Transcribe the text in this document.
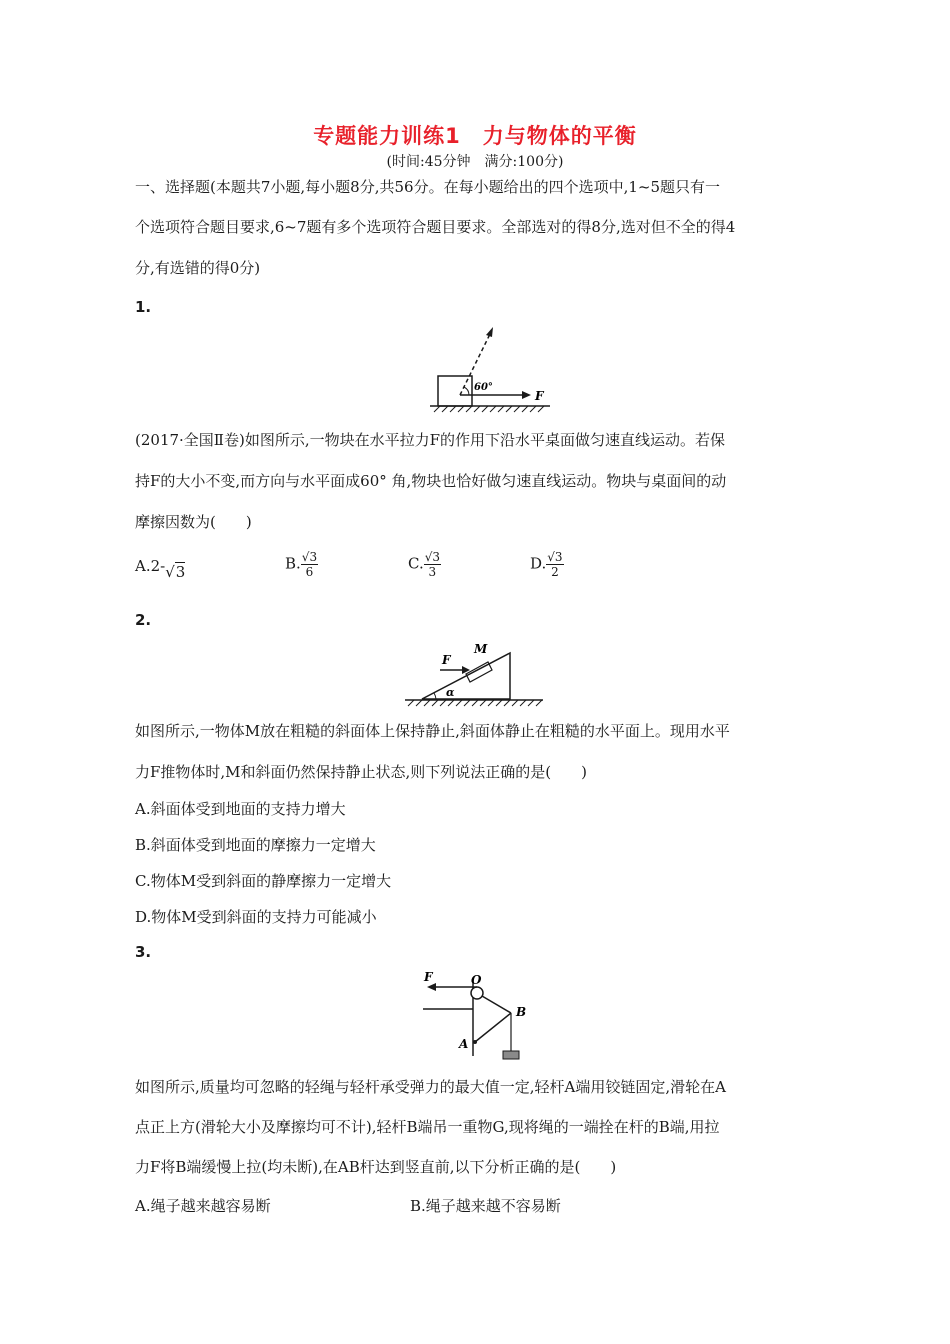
专题能力训练1　力与物体的平衡
(时间:45分钟　满分:100分)
一、选择题(本题共7小题,每小题8分,共56分。在每小题给出的四个选项中,1~5题只有一
个选项符合题目要求,6~7题有多个选项符合题目要求。全部选对的得8分,选对但不全的得4
分,有选错的得0分)
1.
60°
F
(2017·全国Ⅱ卷)如图所示,一物块在水平拉力F的作用下沿水平桌面做匀速直线运动。若保
持F的大小不变,而方向与水平面成60° 角,物块也恰好做匀速直线运动。物块与桌面间的动
摩擦因数为(　　)
A.2-√3	B. $\frac{√3}{6}$	C. $\frac{√3}{3}$	D. $\frac{√3}{2}$
2.
α
F
M
如图所示,一物体M放在粗糙的斜面体上保持静止,斜面体静止在粗糙的水平面上。现用水平
力F推物体时,M和斜面仍然保持静止状态,则下列说法正确的是(　　)
A.斜面体受到地面的支持力增大
B.斜面体受到地面的摩擦力一定增大
C.物体M受到斜面的静摩擦力一定增大
D.物体M受到斜面的支持力可能减小
3.
O
F
B
A
如图所示,质量均可忽略的轻绳与轻杆承受弹力的最大值一定,轻杆A端用铰链固定,滑轮在A
点正上方(滑轮大小及摩擦均可不计),轻杆B端吊一重物G,现将绳的一端拴在杆的B端,用拉
力F将B端缓慢上拉(均未断),在AB杆达到竖直前,以下分析正确的是(　　)
A.绳子越来越容易断	B.绳子越来越不容易断
